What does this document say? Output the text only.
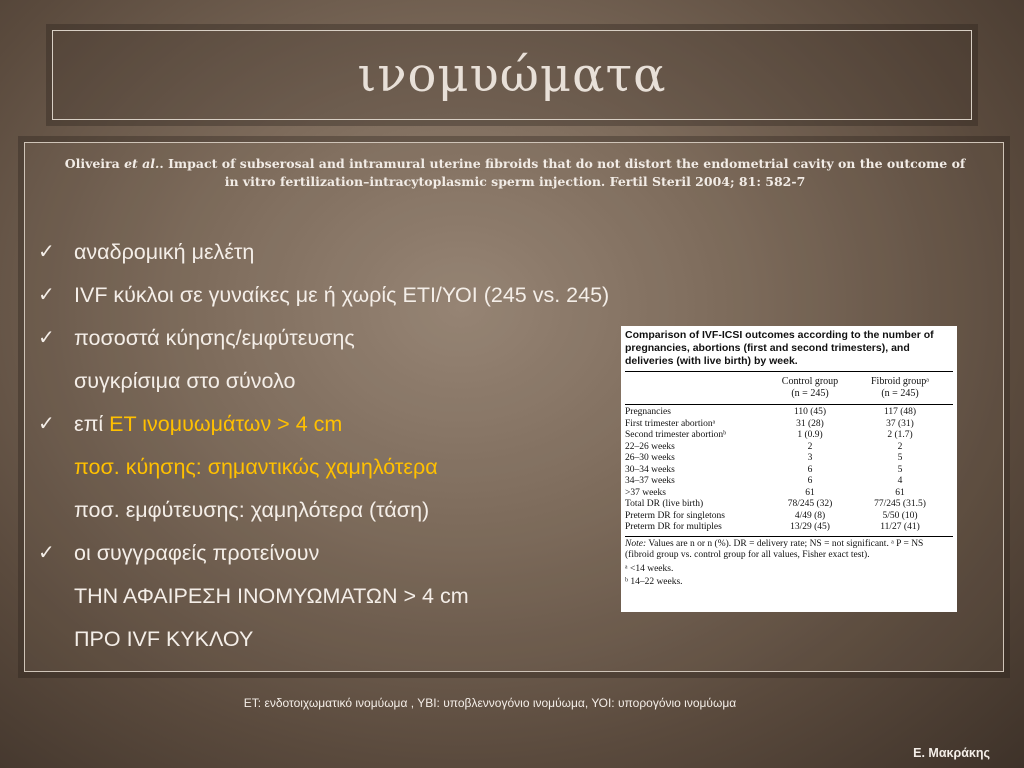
ινομυώματα
Oliveira et al.. Impact of subserosal and intramural uterine fibroids that do not distort the endometrial cavity on the outcome of in vitro fertilization–intracytoplasmic sperm injection. Fertil Steril 2004; 81: 582-7
✓ αναδρομική μελέτη
✓ IVF κύκλοι σε γυναίκες με ή χωρίς ΕΤΙ/ΥΟΙ (245 vs. 245)
✓ ποσοστά κύησης/εμφύτευσης
συγκρίσιμα στο σύνολο
✓ επί ΕΤ ινομυωμάτων > 4 cm
ποσ. κύησης: σημαντικώς χαμηλότερα
ποσ. εμφύτευσης: χαμηλότερα (τάση)
✓ οι συγγραφείς προτείνουν
ΤΗΝ ΑΦΑΙΡΕΣΗ ΙΝΟΜΥΩΜΑΤΩΝ > 4 cm
ΠΡΟ IVF ΚΥΚΛΟΥ
Comparison of IVF-ICSI outcomes according to the number of pregnancies, abortions (first and second trimesters), and deliveries (with live birth) by week.
Control group
(n = 245)
Fibroid groupᵃ
(n = 245)
Pregnancies	110 (45)	117 (48)
First trimester abortionᵃ	31 (28)	37 (31)
Second trimester abortionᵇ	1 (0.9)	2 (1.7)
22–26 weeks	2	2
26–30 weeks	3	5
30–34 weeks	6	5
34–37 weeks	6	4
>37 weeks	61	61
Total DR (live birth)	78/245 (32)	77/245 (31.5)
Preterm DR for singletons	4/49 (8)	5/50 (10)
Preterm DR for multiples	13/29 (45)	11/27 (41)
Note: Values are n or n (%). DR = delivery rate; NS = not significant. ᵃ P = NS (fibroid group vs. control group for all values, Fisher exact test).
ᵃ <14 weeks.
ᵇ 14–22 weeks.
ΕΤ: ενδοτοιχωματικό ινομύωμα , ΥΒΙ: υποβλεννογόνιο ινομύωμα, ΥΟΙ: υπορογόνιο ινομύωμα
Ε. Μακράκης
